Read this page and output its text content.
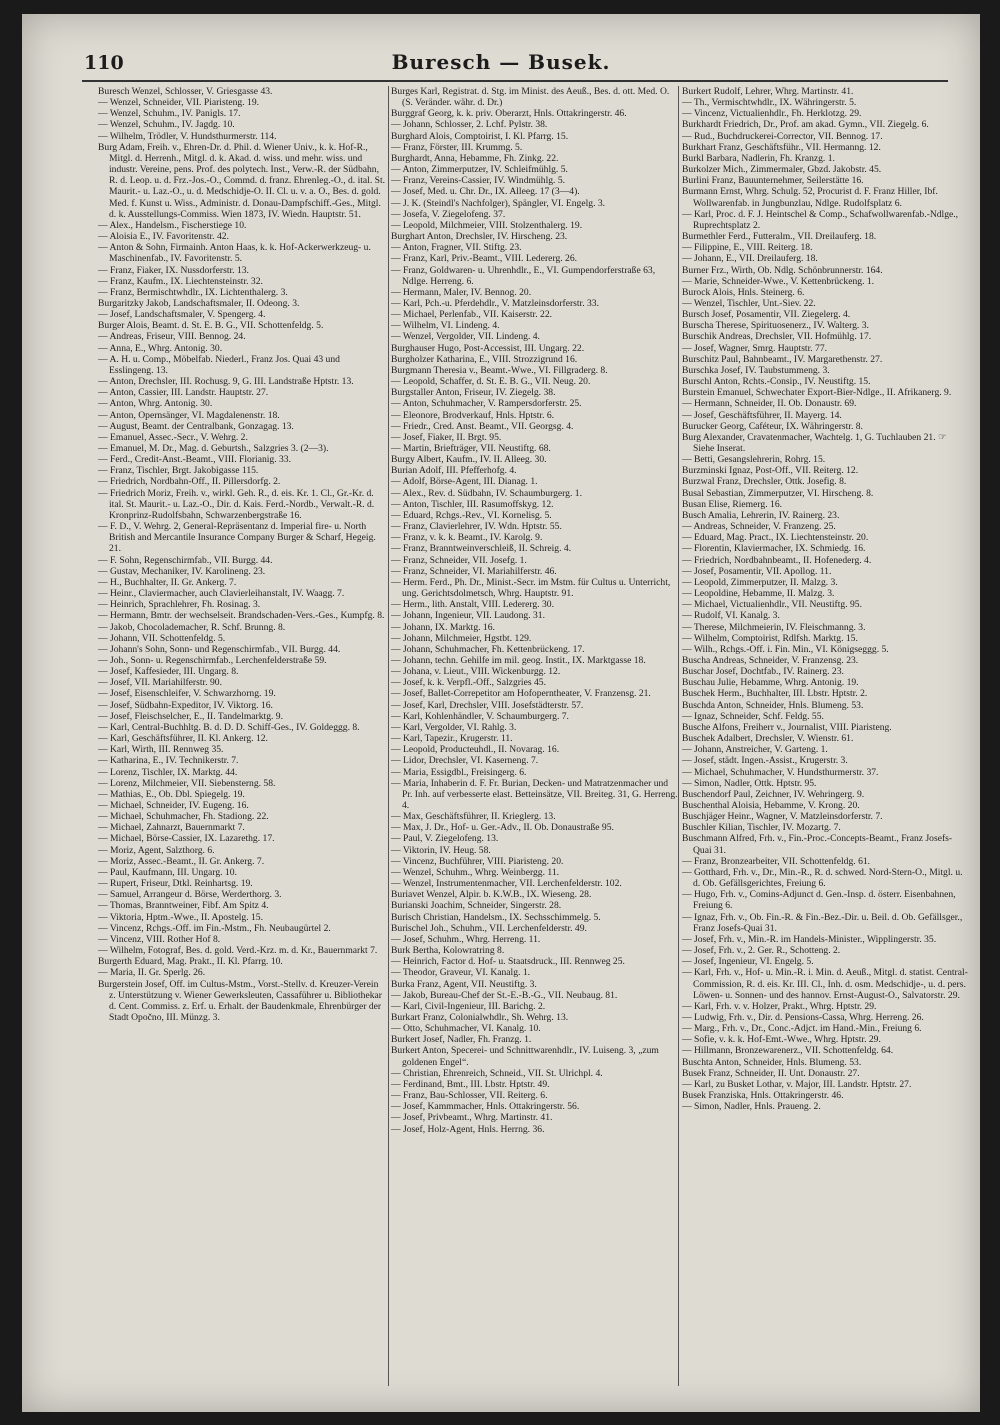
110	Buresch — Busek.

Buresch Wenzel, Schlosser, V. Griesgasse 43.

— Wenzel, Schneider, VII. Piaristeng. 19.

— Wenzel, Schuhm., IV. Panigls. 17.

— Wenzel, Schuhm., IV. Jagdg. 10.

— Wilhelm, Trödler, V. Hundsthurmerstr. 114.

Burg Adam, Freih. v., Ehren-Dr. d. Phil. d. Wiener Univ., k. k. Hof-R., Mitgl. d. Herrenh., Mitgl. d. k. Akad. d. wiss. und mehr. wiss. und industr. Vereine, pens. Prof. des polytech. Inst., Verw.-R. der Südbahn, R. d. Leop. u. d. Frz.-Jos.-O., Commd. d. franz. Ehrenleg.-O., d. ital. St. Maurit.- u. Laz.-O., u. d. Medschidje-O. II. Cl. u. v. a. O., Bes. d. gold. Med. f. Kunst u. Wiss., Administr. d. Donau-Dampfschiff.-Ges., Mitgl. d. k. Ausstellungs-Commiss. Wien 1873, IV. Wiedn. Hauptstr. 51.

— Alex., Handelsm., Fischerstiege 10.

— Aloisia E., IV. Favoritenstr. 42.

— Anton & Sohn, Firmainh. Anton Haas, k. k. Hof-Ackerwerkzeug- u. Maschinenfab., IV. Favoritenstr. 5.

— Franz, Fiaker, IX. Nussdorferstr. 13.

— Franz, Kaufm., IX. Liechtensteinstr. 32.

— Franz, Bermischtwhdlr., IX. Lichtenthalerg. 3.

Burgaritzky Jakob, Landschaftsmaler, II. Odeong. 3.

— Josef, Landschaftsmaler, V. Spengerg. 4.

Burger Alois, Beamt. d. St. E. B. G., VII. Schottenfeldg. 5.

— Andreas, Friseur, VIII. Bennog. 24.

— Anna, E., Whrg. Antonig. 30.

— A. H. u. Comp., Möbelfab. Niederl., Franz Jos. Quai 43 und Esslingeng. 13.

— Anton, Drechsler, III. Rochusg. 9, G. III. Landstraße Hptstr. 13.

— Anton, Cassier, III. Landstr. Hauptstr. 27.

— Anton, Whrg. Antonig. 30.

— Anton, Opernsänger, VI. Magdalenenstr. 18.

— August, Beamt. der Centralbank, Gonzagag. 13.

— Emanuel, Assec.-Secr., V. Wehrg. 2.

— Emanuel, M. Dr., Mag. d. Geburtsh., Salzgries 3. (2—3).

— Ferd., Credit-Anst.-Beamt., VIII. Florianig. 33.

— Franz, Tischler, Brgt. Jakobigasse 115.

— Friedrich, Nordbahn-Off., II. Pillersdorfg. 2.

— Friedrich Moriz, Freih. v., wirkl. Geh. R., d. eis. Kr. 1. Cl., Gr.-Kr. d. ital. St. Maurit.- u. Laz.-O., Dir. d. Kais. Ferd.-Nordb., Verwalt.-R. d. Kronprinz-Rudolfsbahn, Schwarzenbergstraße 16.

— F. D., V. Wehrg. 2, General-Repräsentanz d. Imperial fire- u. North British and Mercantile Insurance Company Burger & Scharf, Hegeig. 21.

— F. Sohn, Regenschirmfab., VII. Burgg. 44.

— Gustav, Mechaniker, IV. Karolineng. 23.

— H., Buchhalter, II. Gr. Ankerg. 7.

— Heinr., Claviermacher, auch Clavierleihanstalt, IV. Waagg. 7.

— Heinrich, Sprachlehrer, Fh. Rosinag. 3.

— Hermann, Bmtr. der wechselseit. Brandschaden-Vers.-Ges., Kumpfg. 8.

— Jakob, Chocolademacher, R. Schf. Brunng. 8.

— Johann, VII. Schottenfeldg. 5.

— Johann's Sohn, Sonn- und Regenschirmfab., VII. Burgg. 44.

— Joh., Sonn- u. Regenschirmfab., Lerchenfelderstraße 59.

— Josef, Kaffesieder, III. Ungarg. 8.

— Josef, VII. Mariahilferstr. 90.

— Josef, Eisenschleifer, V. Schwarzhorng. 19.

— Josef, Südbahn-Expeditor, IV. Viktorg. 16.

— Josef, Fleischselcher, E., II. Tandelmarktg. 9.

— Karl, Central-Buchhltg. B. d. D. D. Schiff-Ges., IV. Goldeggg. 8.

— Karl, Geschäftsführer, II. Kl. Ankerg. 12.

— Karl, Wirth, III. Rennweg 35.

— Katharina, E., IV. Technikerstr. 7.

— Lorenz, Tischler, IX. Marktg. 44.

— Lorenz, Milchmeier, VII. Siebensterng. 58.

— Mathias, E., Ob. Dbl. Spiegelg. 19.

— Michael, Schneider, IV. Eugeng. 16.

— Michael, Schuhmacher, Fh. Stadiong. 22.

— Michael, Zahnarzt, Bauernmarkt 7.

— Michael, Börse-Cassier, IX. Lazarethg. 17.

— Moriz, Agent, Salzthorg. 6.

— Moriz, Assec.-Beamt., II. Gr. Ankerg. 7.

— Paul, Kaufmann, III. Ungarg. 10.

— Rupert, Friseur, Dtkl. Reinhartsg. 19.

— Samuel, Arrangeur d. Börse, Werderthorg. 3.

— Thomas, Branntweiner, Fibf. Am Spitz 4.

— Viktoria, Hptm.-Wwe., II. Apostelg. 15.

— Vincenz, Rchgs.-Off. im Fin.-Mstm., Fh. Neubaugürtel 2.

— Vincenz, VIII. Rother Hof 8.

— Wilhelm, Fotograf, Bes. d. gold. Verd.-Krz. m. d. Kr., Bauernmarkt 7.

Burgerth Eduard, Mag. Prakt., II. Kl. Pfarrg. 10.

— Maria, II. Gr. Sperlg. 26.

Burgerstein Josef, Off. im Cultus-Mstm., Vorst.-Stellv. d. Kreuzer-Verein z. Unterstützung v. Wiener Gewerksleuten, Cassaführer u. Bibliothekar d. Cent. Commiss. z. Erf. u. Erhalt. der Baudenkmale, Ehrenbürger der Stadt Opočno, III. Münzg. 3.

Burges Karl, Registrat. d. Stg. im Minist. des Aeuß., Bes. d. ott. Med. O. (S. Veränder. währ. d. Dr.)

Burggraf Georg, k. k. priv. Oberarzt, Hnls. Ottakringerstr. 46.

— Johann, Schlosser, 2. Lchf. Pylstr. 38.

Burghard Alois, Comptoirist, I. Kl. Pfarrg. 15.

— Franz, Förster, III. Krummg. 5.

Burghardt, Anna, Hebamme, Fh. Zinkg. 22.

— Anton, Zimmerputzer, IV. Schleifmühlg. 5.

— Franz, Vereins-Cassier, IV. Windmühlg. 5.

— Josef, Med. u. Chr. Dr., IX. Alleeg. 17 (3—4).

— J. K. (Steindl's Nachfolger), Spängler, VI. Engelg. 3.

— Josefa, V. Ziegelofeng. 37.

— Leopold, Milchmeier, VIII. Stolzenthalerg. 19.

Burghart Anton, Drechsler, IV. Hirscheng. 23.

— Anton, Fragner, VII. Stiftg. 23.

— Franz, Karl, Priv.-Beamt., VIII. Ledererg. 26.

— Franz, Goldwaren- u. Uhrenhdlr., E., VI. Gumpendorferstraße 63, Ndlge. Herreng. 6.

— Hermann, Maler, IV. Bennog. 20.

— Karl, Pch.-u. Pferdehdlr., V. Matzleinsdorferstr. 33.

— Michael, Perlenfab., VII. Kaiserstr. 22.

— Wilhelm, VI. Lindeng. 4.

— Wenzel, Vergolder, VII. Lindeng. 4.

Burghauser Hugo, Post-Accessist, III. Ungarg. 22.

Burgholzer Katharina, E., VIII. Strozzigrund 16.

Burgmann Theresia v., Beamt.-Wwe., VI. Fillgraderg. 8.

— Leopold, Schaffer, d. St. E. B. G., VII. Neug. 20.

Burgstaller Anton, Friseur, IV. Ziegelg. 38.

— Anton, Schuhmacher, V. Rampersdorferstr. 25.

— Eleonore, Brodverkauf, Hnls. Hptstr. 6.

— Friedr., Cred. Anst. Beamt., VII. Georgsg. 4.

— Josef, Fiaker, II. Brgt. 95.

— Martin, Briefträger, VII. Neustiftg. 68.

Burgy Albert, Kaufm., IV. II. Alleeg. 30.

Burian Adolf, III. Pfefferhofg. 4.

— Adolf, Börse-Agent, III. Dianag. 1.

— Alex., Rev. d. Südbahn, IV. Schaumburgerg. 1.

— Anton, Tischler, III. Rasumoffskyg. 12.

— Eduard, Rchgs.-Rev., VI. Kornelisg. 5.

— Franz, Clavierlehrer, IV. Wdn. Hptstr. 55.

— Franz, v. k. k. Beamt., IV. Karolg. 9.

— Franz, Branntweinverschleiß, II. Schreig. 4.

— Franz, Schneider, VII. Josefg. 1.

— Franz, Schneider, VI. Mariahilferstr. 46.

— Herm. Ferd., Ph. Dr., Minist.-Secr. im Mstm. für Cultus u. Unterricht, ung. Gerichtsdolmetsch, Whrg. Hauptstr. 91.

— Herm., lith. Anstalt, VIII. Ledererg. 30.

— Johann, Ingenieur, VII. Laudong. 31.

— Johann, IX. Marktg. 16.

— Johann, Milchmeier, Hgstbt. 129.

— Johann, Schuhmacher, Fh. Kettenbrückeng. 17.

— Johann, techn. Gehilfe im mil. geog. Instit., IX. Marktgasse 18.

— Johana, v. Lieut., VIII. Wickenburgg. 12.

— Josef, k. k. Verpfl.-Off., Salzgries 45.

— Josef, Ballet-Correpetitor am Hofoperntheater, V. Franzensg. 21.

— Josef, Karl, Drechsler, VIII. Josefstädterstr. 57.

— Karl, Kohlenhändler, V. Schaumburgerg. 7.

— Karl, Vergolder, VI. Rahlg. 3.

— Karl, Tapezir., Krugerstr. 11.

— Leopold, Producteuhdl., II. Novarag. 16.

— Lidor, Drechsler, VI. Kaserneng. 7.

— Maria, Essigdbl., Freisingerg. 6.

— Maria, Inhaberin d. F. Fr. Burian, Decken- und Matratzenmacher und Pr. Inh. auf verbesserte elast. Betteinsätze, VII. Breiteg. 31, G. Herreng. 4.

— Max, Geschäftsführer, II. Krieglerg. 13.

— Max, J. Dr., Hof- u. Ger.-Adv., II. Ob. Donaustraße 95.

— Paul, V. Ziegelofeng. 13.

— Viktorin, IV. Heug. 58.

— Vincenz, Buchführer, VIII. Piaristeng. 20.

— Wenzel, Schuhm., Whrg. Weinbergg. 11.

— Wenzel, Instrumentenmacher, VII. Lerchenfelderstr. 102.

Buriavet Wenzel, Alpir. b. K.W.B., IX. Wieseng. 28.

Burianski Joachim, Schneider, Singerstr. 28.

Burisch Christian, Handelsm., IX. Sechsschimmelg. 5.

Burischel Joh., Schuhm., VII. Lerchenfelderstr. 49.

— Josef, Schuhm., Whrg. Herreng. 11.

Burk Bertha, Kolowratring 8.

— Heinrich, Factor d. Hof- u. Staatsdruck., III. Rennweg 25.

— Theodor, Graveur, VI. Kanalg. 1.

Burka Franz, Agent, VII. Neustiftg. 3.

— Jakob, Bureau-Chef der St.-E.-B.-G., VII. Neubaug. 81.

— Karl, Civil-Ingenieur, III. Barichg. 2.

Burkart Franz, Colonialwhdlr., Sh. Wehrg. 13.

— Otto, Schuhmacher, VI. Kanalg. 10.

Burkert Josef, Nadler, Fh. Franzg. 1.

Burkert Anton, Specerei- und Schnittwarenhdlr., IV. Luiseng. 3, „zum goldenen Engel“.

— Christian, Ehrenreich, Schneid., VII. St. Ulrichpl. 4.

— Ferdinand, Bmt., III. Lbstr. Hptstr. 49.

— Franz, Bau-Schlosser, VII. Reiterg. 6.

— Josef, Kammmacher, Hnls. Ottakringerstr. 56.

— Josef, Privbeamt., Whrg. Martinstr. 41.

— Josef, Holz-Agent, Hnls. Herrng. 36.

Burkert Rudolf, Lehrer, Whrg. Martinstr. 41.

— Th., Vermischtwhdlr., IX. Währingerstr. 5.

— Vincenz, Victualienhdlr., Fh. Herklotzg. 29.

Burkhardt Friedrich, Dr., Prof. am akad. Gymn., VII. Ziegelg. 6.

— Rud., Buchdruckerei-Corrector, VII. Bennog. 17.

Burkhart Franz, Geschäftsführ., VII. Hermanng. 12.

Burkl Barbara, Nadlerin, Fh. Kranzg. 1.

Burkolzer Mich., Zimmermaler, Gbzd. Jakobstr. 45.

Burlini Franz, Bauunternehmer, Seilerstätte 16.

Burmann Ernst, Whrg. Schulg. 52, Procurist d. F. Franz Hiller, Ibf. Wollwarenfab. in Jungbunzlau, Ndlge. Rudolfsplatz 6.

— Karl, Proc. d. F. J. Heintschel & Comp., Schafwollwarenfab.-Ndlge., Ruprechtsplatz 2.

Burmethler Ferd., Futteralm., VII. Dreilauferg. 18.

— Filippine, E., VIII. Reiterg. 18.

— Johann, E., VII. Dreilauferg. 18.

Burner Frz., Wirth, Ob. Ndlg. Schönbrunnerstr. 164.

— Marie, Schneider-Wwe., V. Kettenbrückeng. 1.

Burock Alois, Hnls. Steinerg. 6.

— Wenzel, Tischler, Unt.-Siev. 22.

Bursch Josef, Posamentir, VII. Ziegelerg. 4.

Burscha Therese, Spirituosenerz., IV. Walterg. 3.

Burschik Andreas, Drechsler, VII. Hofmühlg. 17.

— Josef, Wagner, Smrg. Hauptstr. 77.

Burschitz Paul, Bahnbeamt., IV. Margarethenstr. 27.

Burschka Josef, IV. Taubstummeng. 3.

Burschl Anton, Rchts.-Consip., IV. Neustiftg. 15.

Burstein Emanuel, Schwechater Export-Bier-Ndlge., II. Afrikanerg. 9.

— Hermann, Schneider, II. Ob. Donaustr. 69.

— Josef, Geschäftsführer, II. Mayerg. 14.

Burucker Georg, Caféteur, IX. Währingerstr. 8.

Burg Alexander, Cravatenmacher, Wachtelg. 1, G. Tuchlauben 21. ☞ Siehe Inserat.

— Betti, Gesangslehrerin, Rohrg. 15.

Burzminski Ignaz, Post-Off., VII. Reiterg. 12.

Burzwal Franz, Drechsler, Ottk. Josefig. 8.

Busal Sebastian, Zimmerputzer, VI. Hirscheng. 8.

Busan Elise, Riemerg. 16.

Busch Amalia, Lehrerin, IV. Rainerg. 23.

— Andreas, Schneider, V. Franzeng. 25.

— Eduard, Mag. Pract., IX. Liechtensteinstr. 20.

— Florentin, Klaviermacher, IX. Schmiedg. 16.

— Friedrich, Nordbahnbeamt., II. Hofenederg. 4.

— Josef, Posamentir, VII. Apollog. 11.

— Leopold, Zimmerputzer, II. Malzg. 3.

— Leopoldine, Hebamme, II. Malzg. 3.

— Michael, Victualienhdlr., VII. Neustiftg. 95.

— Rudolf, VI. Kanalg. 3.

— Therese, Milchmeierin, IV. Fleischmanng. 3.

— Wilhelm, Comptoirist, Rdlfsh. Marktg. 15.

— Wilh., Rchgs.-Off. i. Fin. Min., VI. Königseggg. 5.

Buscha Andreas, Schneider, V. Franzensg. 23.

Buschar Josef, Dochtfab., IV. Rainerg. 23.

Buschau Julie, Hebamme, Whrg. Antonig. 19.

Buschek Herm., Buchhalter, III. Lbstr. Hptstr. 2.

Buschda Anton, Schneider, Hnls. Blumeng. 53.

— Ignaz, Schneider, Schf. Feldg. 55.

Busche Alfons, Freiherr v., Journalist, VIII. Piaristeng.

Buschek Adalbert, Drechsler, V. Wienstr. 61.

— Johann, Anstreicher, V. Garteng. 1.

— Josef, städt. Ingen.-Assist., Krugerstr. 3.

— Michael, Schuhmacher, V. Hundsthurmerstr. 37.

— Simon, Nadler, Ottk. Hptstr. 95.

Buschendorf Paul, Zeichner, IV. Wehringerg. 9.

Buschenthal Aloisia, Hebamme, V. Krong. 20.

Buschjäger Heinr., Wagner, V. Matzleinsdorferstr. 7.

Buschler Kilian, Tischler, IV. Mozartg. 7.

Buschmann Alfred, Frh. v., Fin.-Proc.-Concepts-Beamt., Franz Josefs-Quai 31.

— Franz, Bronzearbeiter, VII. Schottenfeldg. 61.

— Gotthard, Frh. v., Dr., Min.-R., R. d. schwed. Nord-Stern-O., Mitgl. u. d. Ob. Gefällsgerichtes, Freiung 6.

— Hugo, Frh. v., Comins-Adjunct d. Gen.-Insp. d. österr. Eisenbahnen, Freiung 6.

— Ignaz, Frh. v., Ob. Fin.-R. & Fin.-Bez.-Dir. u. Beil. d. Ob. Gefällsger., Franz Josefs-Quai 31.

— Josef, Frh. v., Min.-R. im Handels-Minister., Wipplingerstr. 35.

— Josef, Frh. v., 2. Ger. R., Schotteng. 2.

— Josef, Ingenieur, VI. Engelg. 5.

— Karl, Frh. v., Hof- u. Min.-R. i. Min. d. Aeuß., Mitgl. d. statist. Central-Commission, R. d. eis. Kr. III. Cl., Inh. d. osm. Medschidje-, u. d. pers. Löwen- u. Sonnen- und des hannov. Ernst-August-O., Salvatorstr. 29.

— Karl, Frh. v. v. Holzer, Prakt., Whrg. Hptstr. 29.

— Ludwig, Frh. v., Dir. d. Pensions-Cassa, Whrg. Herreng. 26.

— Marg., Frh. v., Dr., Conc.-Adjct. im Hand.-Min., Freiung 6.

— Sofie, v. k. k. Hof-Emt.-Wwe., Whrg. Hptstr. 29.

— Hillmann, Bronzewarenerz., VII. Schottenfeldg. 64.

Buschta Anton, Schneider, Hnls. Blumeng. 53.

Busek Franz, Schneider, II. Unt. Donaustr. 27.

— Karl, zu Busket Lothar, v. Major, III. Landstr. Hptstr. 27.

Busek Franziska, Hnls. Ottakringerstr. 46.

— Simon, Nadler, Hnls. Praueng. 2.
